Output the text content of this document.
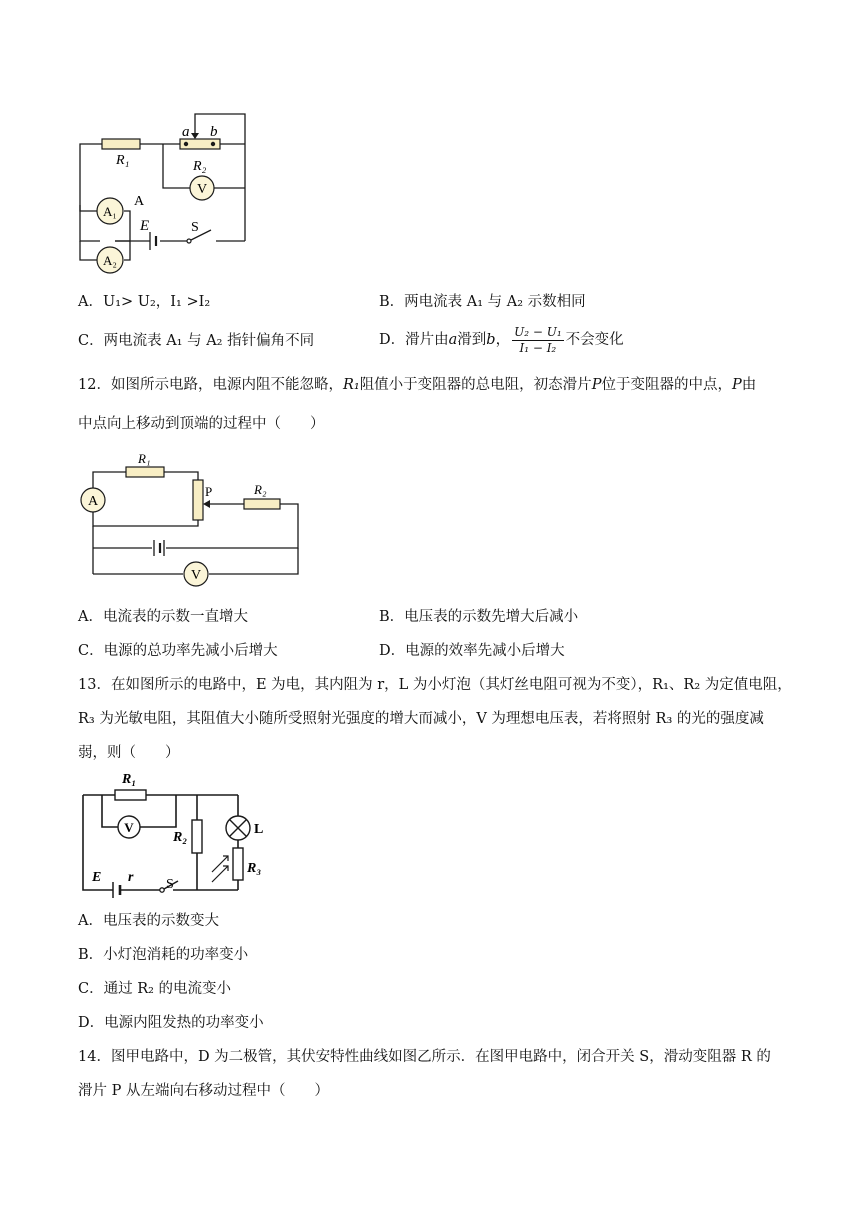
V
A₁
A₂
R₁	R₂
a b
A
E	S
A．U₁> U₂，I₁ >I₂	B．两电流表 A₁ 与 A₂ 示数相同
C．两电流表 A₁ 与 A₂ 指针偏角不同	D．滑片由a滑到b， $\frac{\text{U₂ − U₁}}{\text{I₁ − I₂}}$ 不会变化
12．如图所示电路，电源内阻不能忽略，R₁阻值小于变阻器的总电阻，初态滑片P位于变阻器的中点，P由
中点向上移动到顶端的过程中（　　）
A
V
R₁
P	R₂
A．电流表的示数一直增大	B．电压表的示数先增大后减小
C．电源的总功率先减小后增大	D．电源的效率先减小后增大
13．在如图所示的电路中，E 为电，其内阻为 r，L 为小灯泡（其灯丝电阻可视为不变），R₁、R₂ 为定值电阻，
R₃ 为光敏电阻，其阻值大小随所受照射光强度的增大而减小，V 为理想电压表，若将照射 R₃ 的光的强度减
弱，则（　　）
V
R₁
R₂
L
R₃
E r S
A．电压表的示数变大
B．小灯泡消耗的功率变小
C．通过 R₂ 的电流变小
D．电源内阻发热的功率变小
14．图甲电路中，D 为二极管，其伏安特性曲线如图乙所示．在图甲电路中，闭合开关 S，滑动变阻器 R 的
滑片 P 从左端向右移动过程中（　　）
